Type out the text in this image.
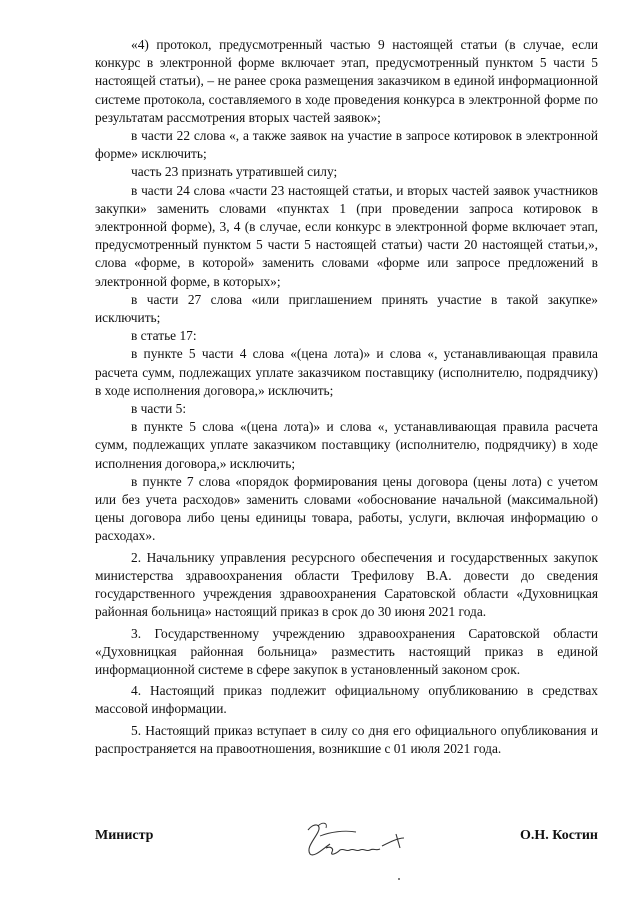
«4) протокол, предусмотренный частью 9 настоящей статьи (в случае, если конкурс в электронной форме включает этап, предусмотренный пунктом 5 части 5 настоящей статьи), – не ранее срока размещения заказчиком в единой информационной системе протокола, составляемого в ходе проведения конкурса в электронной форме по результатам рассмотрения вторых частей заявок»;

в части 22 слова «, а также заявок на участие в запросе котировок в электронной форме» исключить;

часть 23 признать утратившей силу;

в части 24 слова «части 23 настоящей статьи, и вторых частей заявок участников закупки» заменить словами «пунктах 1 (при проведении запроса котировок в электронной форме), 3, 4 (в случае, если конкурс в электронной форме включает этап, предусмотренный пунктом 5 части 5 настоящей статьи) части 20 настоящей статьи,», слова «форме, в которой» заменить словами «форме или запросе предложений в электронной форме, в которых»;

в части 27 слова «или приглашением принять участие в такой закупке» исключить;

в статье 17:

в пункте 5 части 4 слова «(цена лота)» и слова «, устанавливающая правила расчета сумм, подлежащих уплате заказчиком поставщику (исполнителю, подрядчику) в ходе исполнения договора,» исключить;

в части 5:

в пункте 5 слова «(цена лота)» и слова «, устанавливающая правила расчета сумм, подлежащих уплате заказчиком поставщику (исполнителю, подрядчику) в ходе исполнения договора,» исключить;

в пункте 7 слова «порядок формирования цены договора (цены лота) с учетом или без учета расходов» заменить словами «обоснование начальной (максимальной) цены договора либо цены единицы товара, работы, услуги, включая информацию о расходах».

2. Начальнику управления ресурсного обеспечения и государственных закупок министерства здравоохранения области Трефиловy В.А. довести до сведения государственного учреждения здравоохранения Саратовской области «Духовницкая районная больница» настоящий приказ в срок до 30 июня 2021 года.

3. Государственному учреждению здравоохранения Саратовской области «Духовницкая районная больница» разместить настоящий приказ в единой информационной системе в сфере закупок в установленный законом срок.

4. Настоящий приказ подлежит официальному опубликованию в средствах массовой информации.

5. Настоящий приказ вступает в силу со дня его официального опубликования и распространяется на правоотношения, возникшие с 01 июля 2021 года.

Министр	О.Н. Костин
